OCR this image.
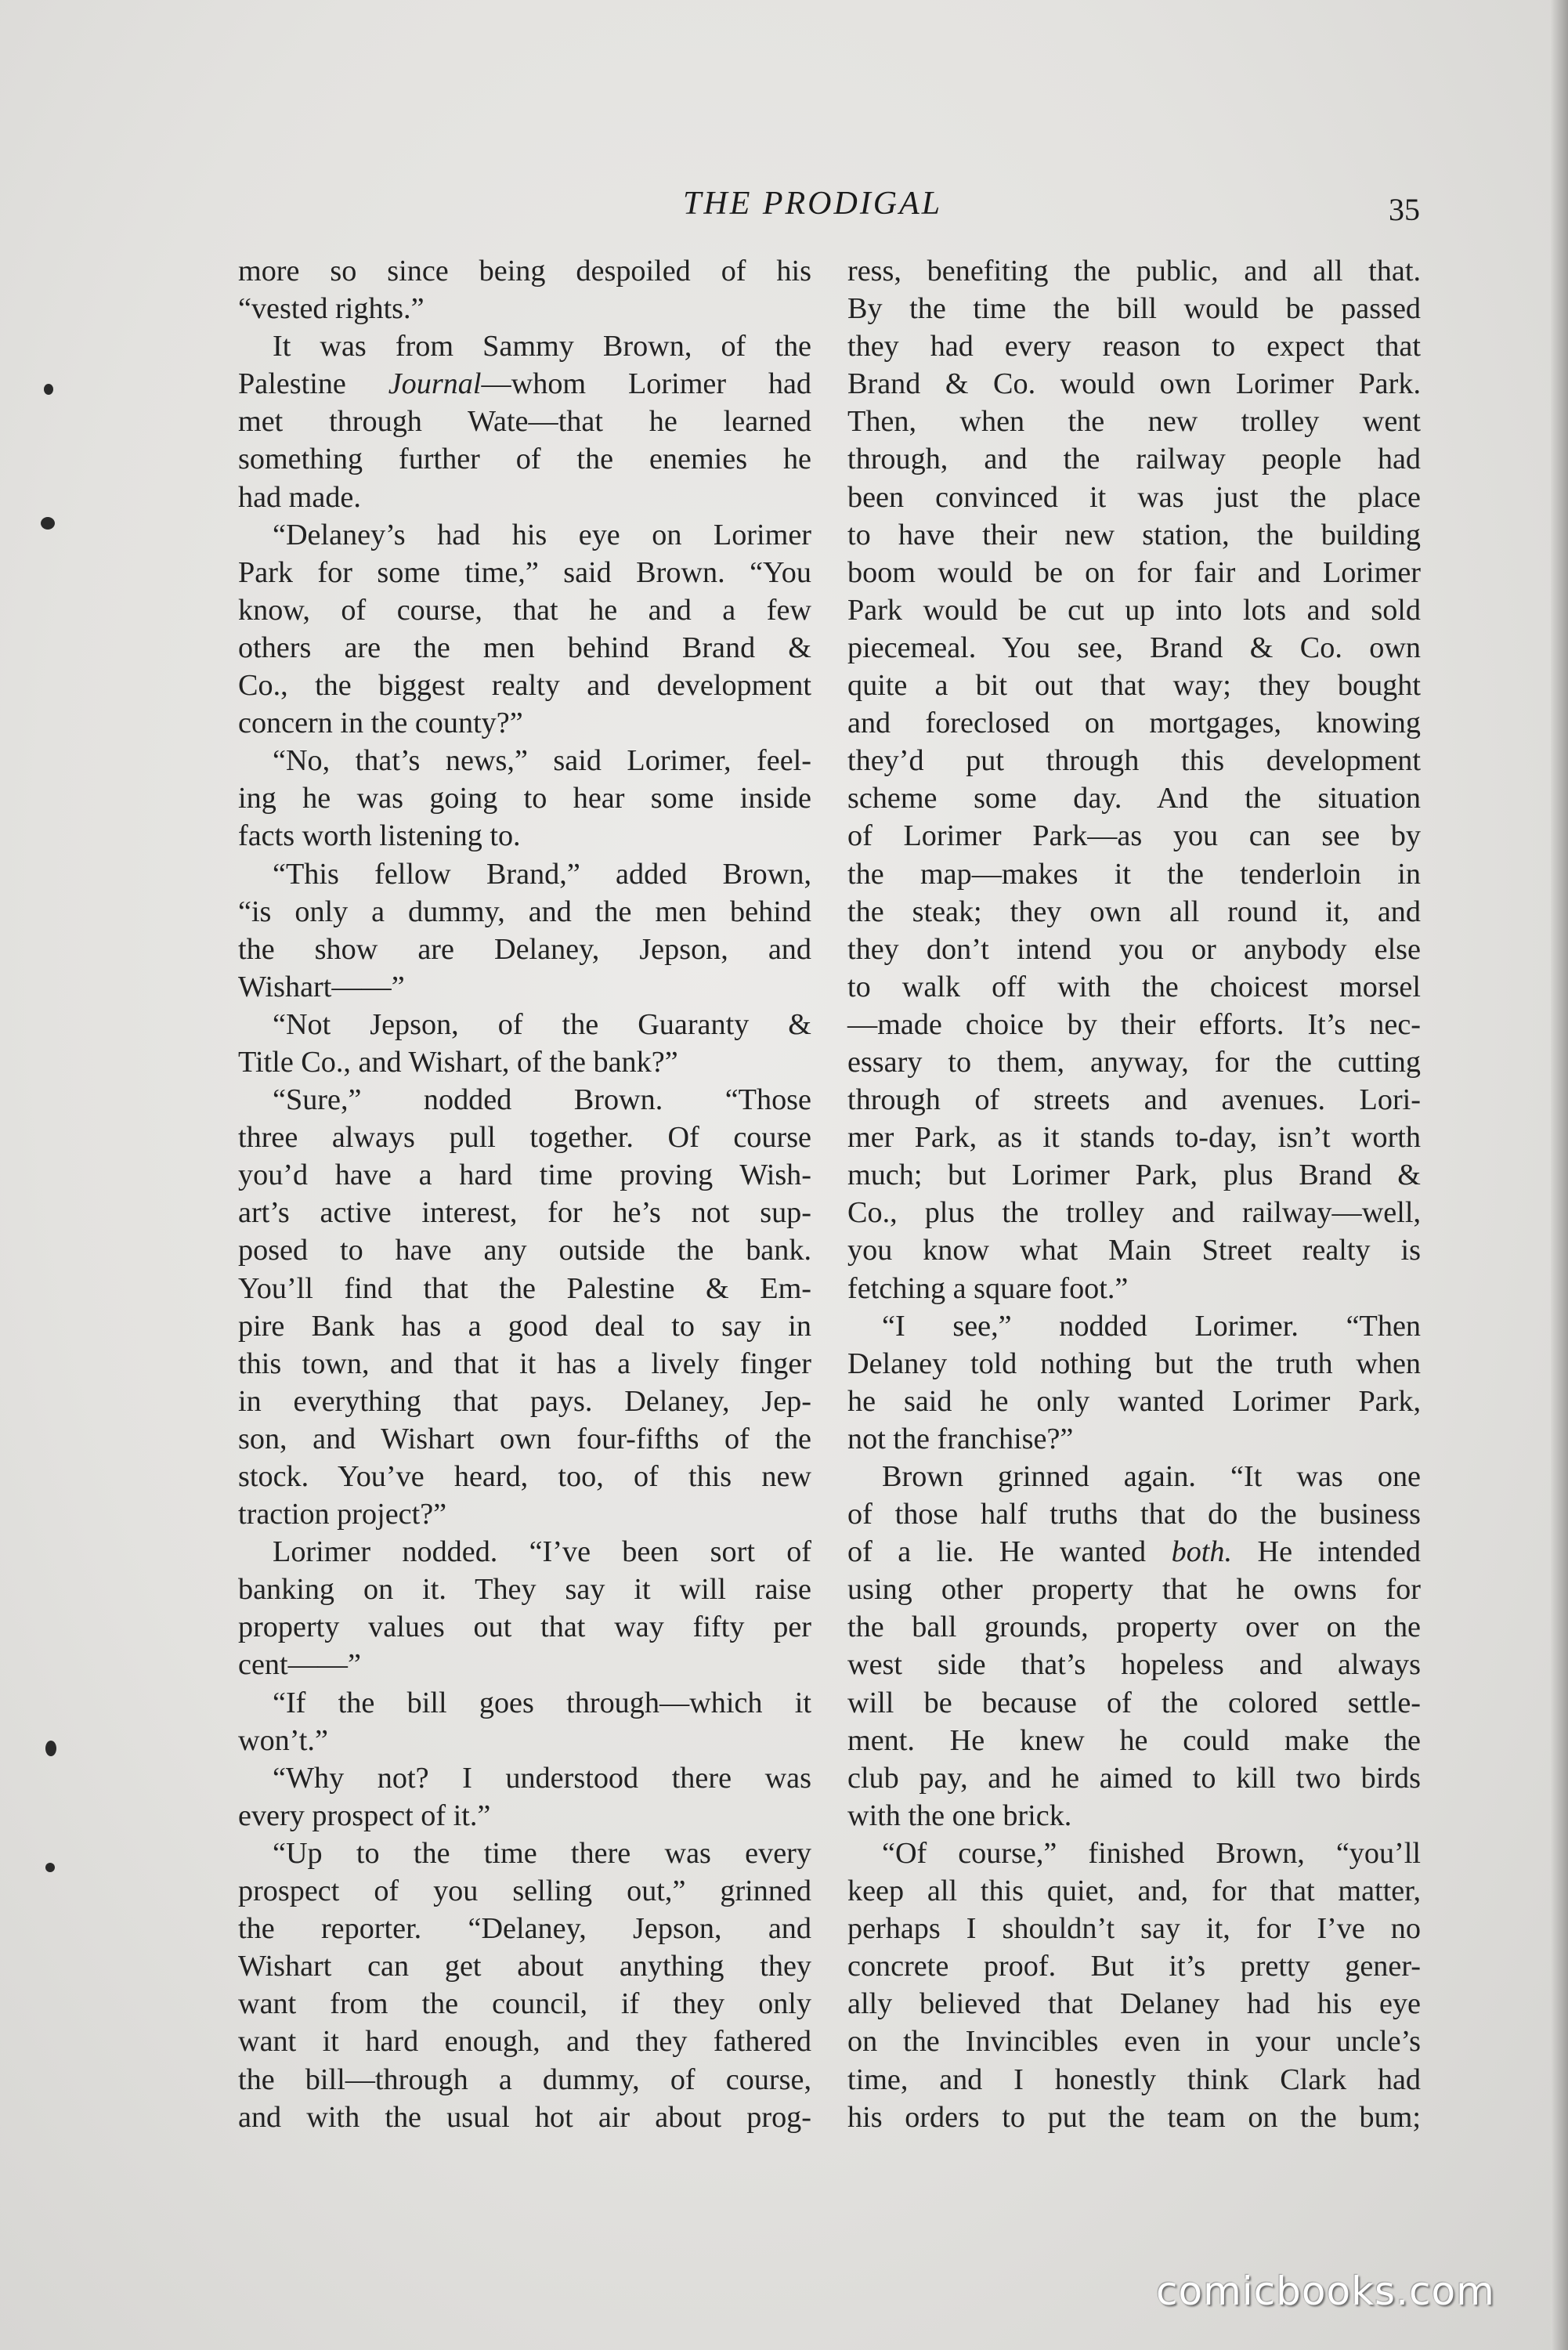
THE PRODIGAL	35
more so since being despoiled of his
“vested rights.”
It was from Sammy Brown, of the
Palestine Journal—whom Lorimer had
met through Wate—that he learned
something further of the enemies he
had made.
“Delaney’s had his eye on Lorimer
Park for some time,” said Brown. “You
know, of course, that he and a few
others are the men behind Brand &
Co., the biggest realty and development
concern in the county?”
“No, that’s news,” said Lorimer, feel-
ing he was going to hear some inside
facts worth listening to.
“This fellow Brand,” added Brown,
“is only a dummy, and the men behind
the show are Delaney, Jepson, and
Wishart——”
“Not Jepson, of the Guaranty &
Title Co., and Wishart, of the bank?”
“Sure,” nodded Brown. “Those
three always pull together. Of course
you’d have a hard time proving Wish-
art’s active interest, for he’s not sup-
posed to have any outside the bank.
You’ll find that the Palestine & Em-
pire Bank has a good deal to say in
this town, and that it has a lively finger
in everything that pays. Delaney, Jep-
son, and Wishart own four-fifths of the
stock. You’ve heard, too, of this new
traction project?”
Lorimer nodded. “I’ve been sort of
banking on it. They say it will raise
property values out that way fifty per
cent——”
“If the bill goes through—which it
won’t.”
“Why not? I understood there was
every prospect of it.”
“Up to the time there was every
prospect of you selling out,” grinned
the reporter. “Delaney, Jepson, and
Wishart can get about anything they
want from the council, if they only
want it hard enough, and they fathered
the bill—through a dummy, of course,
and with the usual hot air about prog-
ress, benefiting the public, and all that.
By the time the bill would be passed
they had every reason to expect that
Brand & Co. would own Lorimer Park.
Then, when the new trolley went
through, and the railway people had
been convinced it was just the place
to have their new station, the building
boom would be on for fair and Lorimer
Park would be cut up into lots and sold
piecemeal. You see, Brand & Co. own
quite a bit out that way; they bought
and foreclosed on mortgages, knowing
they’d put through this development
scheme some day. And the situation
of Lorimer Park—as you can see by
the map—makes it the tenderloin in
the steak; they own all round it, and
they don’t intend you or anybody else
to walk off with the choicest morsel
—made choice by their efforts. It’s nec-
essary to them, anyway, for the cutting
through of streets and avenues. Lori-
mer Park, as it stands to-day, isn’t worth
much; but Lorimer Park, plus Brand &
Co., plus the trolley and railway—well,
you know what Main Street realty is
fetching a square foot.”
“I see,” nodded Lorimer. “Then
Delaney told nothing but the truth when
he said he only wanted Lorimer Park,
not the franchise?”
Brown grinned again. “It was one
of those half truths that do the business
of a lie. He wanted both. He intended
using other property that he owns for
the ball grounds, property over on the
west side that’s hopeless and always
will be because of the colored settle-
ment. He knew he could make the
club pay, and he aimed to kill two birds
with the one brick.
“Of course,” finished Brown, “you’ll
keep all this quiet, and, for that matter,
perhaps I shouldn’t say it, for I’ve no
concrete proof. But it’s pretty gener-
ally believed that Delaney had his eye
on the Invincibles even in your uncle’s
time, and I honestly think Clark had
his orders to put the team on the bum;
comicbooks.com
